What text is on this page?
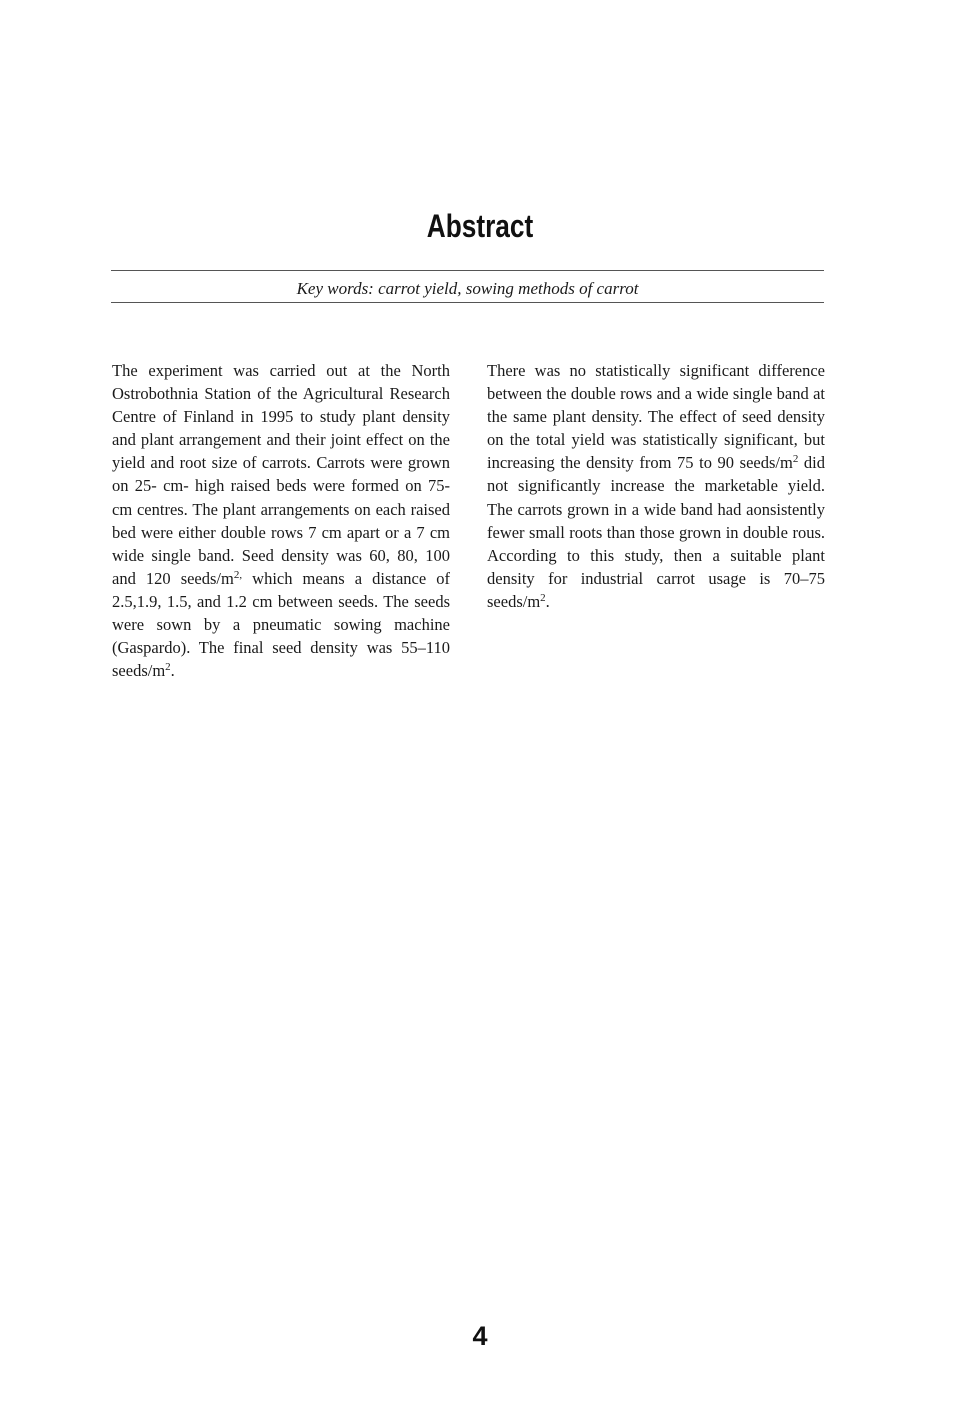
Abstract
Key words: carrot yield, sowing methods of carrot

The experiment was carried out at the North Ostrobothnia Station of the Agricultural Research Centre of Finland in 1995 to study plant density and plant arrangement and their joint effect on the yield and root size of carrots. Carrots were grown on 25- cm- high raised beds were formed on 75-cm centres. The plant arrangements on each raised bed were either double rows 7 cm apart or a 7 cm wide single band. Seed density was 60, 80, 100 and 120 seeds/$m^{2,}$ which means a distance of 2.5,1.9, 1.5, and 1.2 cm between seeds. The seeds were sown by a pneumatic sowing machine (Gaspardo). The final seed density was 55–110 seeds/$m^2$.

There was no statistically significant difference between the double rows and a wide single band at the same plant density. The effect of seed density on the total yield was statistically significant, but increasing the density from 75 to 90 seeds/$m^2$ did not significantly increase the marketable yield. The carrots grown in a wide band had aonsistently fewer small roots than those grown in double rous. According to this study, then a suitable plant density for industrial carrot usage is 70–75 seeds/$m^2$.

4
